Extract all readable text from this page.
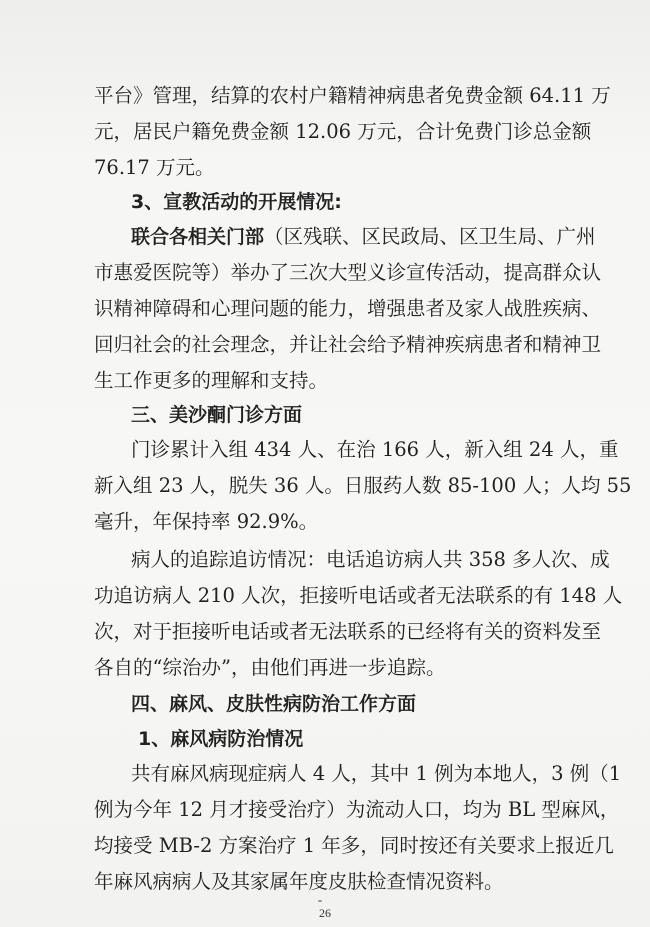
平台》管理，结算的农村户籍精神病患者免费金额 64.11 万
元，居民户籍免费金额 12.06 万元，合计免费门诊总金额
76.17 万元。
3、宣教活动的开展情况:
联合各相关门部（区残联、区民政局、区卫生局、广州
市惠爱医院等）举办了三次大型义诊宣传活动，提高群众认
识精神障碍和心理问题的能力，增强患者及家人战胜疾病、
回归社会的社会理念，并让社会给予精神疾病患者和精神卫
生工作更多的理解和支持。
三、美沙酮门诊方面
门诊累计入组 434 人、在治 166 人，新入组 24 人，重
新入组 23 人，脱失 36 人。日服药人数 85-100 人；人均 55
毫升，年保持率 92.9%。
病人的追踪追访情况：电话追访病人共 358 多人次、成
功追访病人 210 人次，拒接听电话或者无法联系的有 148 人
次，对于拒接听电话或者无法联系的已经将有关的资料发至
各自的“综治办”，由他们再进一步追踪。
四、麻风、皮肤性病防治工作方面
1、麻风病防治情况
共有麻风病现症病人 4 人，其中 1 例为本地人，3 例（1
例为今年 12 月才接受治疗）为流动人口，均为 BL 型麻风，
均接受 MB-2 方案治疗 1 年多，同时按还有关要求上报近几
年麻风病病人及其家属年度皮肤检查情况资料。
26
